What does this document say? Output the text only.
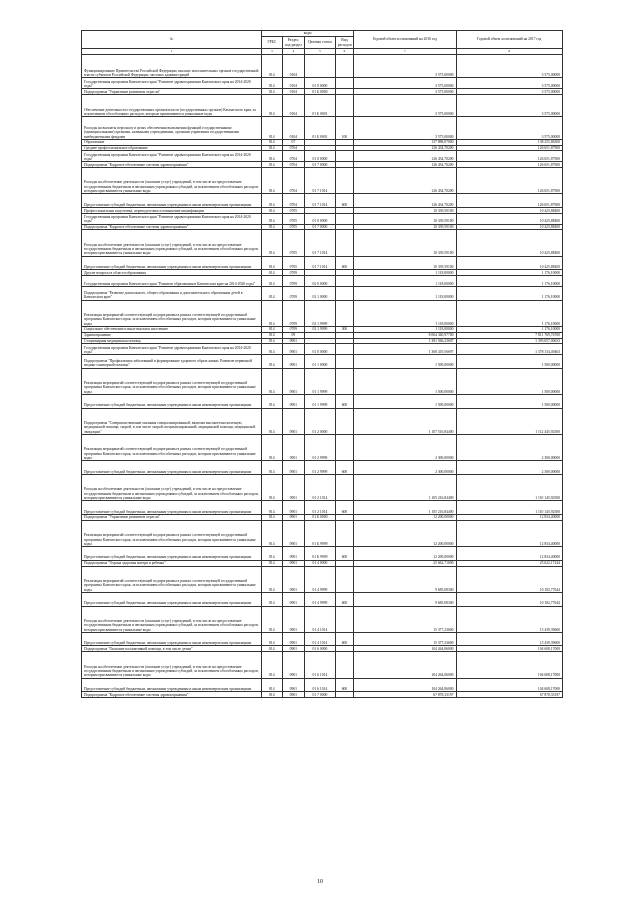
№	коды				Годовой объем ассигнований на 2016 год	Годовой объем ассигнований на 2017 год
	ГРБС	Раздел, под-раздел	Целевая статья	Вид расходов		
1	3	4	5	6	7	8
Функционирование Правительства Российской Федерации, высших исполнительных органов государственной власти субъектов Российской Федерации, местных администраций	814	0104			3 575,00000	3 575,00000
Государственная программа Камчатского края "Развитие здравоохранения Камчатского края на 2014-2020 годы"	814	0104	01 0 0000		3 575,00000	3 575,00000
Подпрограмма "Управление развитием отрасли"	814	0104	01 Б 0000		3 575,00000	3 575,00000
Обеспечение деятельности государственных органов власти (государственных органов) Камчатского края, за исключением обособленных расходов, которым присваиваются уникальные коды	814	0104	01 Б 0001		3 575,00000	3 575,00000
Расходы на выплаты персоналу в целях обеспечения выполнения функций государственными (муниципальными) органами, казенными учреждениями, органами управления государственными внебюджетными фондами	814	0104	01 Б 0001	100	3 575,00000	3 575,00000
Образование	814	07			137 888,07000	138 255,86300
Среднее профессиональное образование	814	0704			126 434,70200	126 651,87900
Государственная программа Камчатского края "Развитие здравоохранения Камчатского края на 2014-2020 годы"	814	0704	01 0 0000		126 434,70200	126 651,87900
Подпрограмма "Кадровое обеспечение системы здравоохранения"	814	0704	01 7 0000		126 434,70200	126 651,87900
Расходы на обеспечение деятельности (оказание услуг) учреждений, в том числе на предоставление государственным бюджетным и автономным учреждениям субсидий, за исключением обособленных расходов, которым присваиваются уникальные коды	814	0704	01 7 1014		126 434,70200	126 651,87900
Предоставление субсидий бюджетным, автономным учреждениям и иным некоммерческим организациям	814	0704	01 7 1014	600	126 434,70200	126 651,87900
Профессиональная подготовка, переподготовка и повышение квалификации	814	0705			10 339,59100	10 425,88400
Государственная программа Камчатского края "Развитие здравоохранения Камчатского края на 2014-2020 годы"	814	0705	01 0 0000		10 339,59100	10 425,88400
Подпрограмма "Кадровое обеспечение системы здравоохранения"	814	0705	01 7 0000		10 339,59100	10 425,88400
Расходы на обеспечение деятельности (оказание услуг) учреждений, в том числе на предоставление государственным бюджетным и автономным учреждениям субсидий, за исключением обособленных расходов, которым присваиваются уникальные коды	814	0705	01 7 1014		10 339,59100	10 425,88400
Предоставление субсидий бюджетным, автономным учреждениям и иным некоммерческим организациям	814	0705	01 7 1014	600	10 339,59100	10 425,88400
Другие вопросы в области образования	814	0709			1 118,00000	1 176,10000
Государственная программа Камчатского края "Развитие образования в Камчатском крае на 2014-2020 годы"	814	0709	02 0 0000		1 118,00000	1 176,10000
Подпрограмма "Развитие дошкольного, общего образования и дополнительного образования детей в Камчатском крае"	814	0709	02 1 0000		1 118,00000	1 176,10000
Реализация мероприятий соответствующей подпрограммы в рамках соответствующей государственной программы Камчатского края, за исключением обособленных расходов, которым присваиваются уникальные коды	814	0709	02 1 9999		1 118,00000	1 176,10000
Социальное обеспечение и иные выплаты населению	814	0709	02 1 9999	300	1 118,00000	1 176,10000
Здравоохранение	814	09			8 064 340,97700	7 811 769,76700
Стационарная медицинская помощь	814	0901			1 381 566,23607	1 393 057,00653
Государственная программа Камчатского края "Развитие здравоохранения Камчатского края на 2014-2020 годы"	814	0901	01 0 0000		1 368 419,56697	1 378 134,49463
Подпрограмма "Профилактика заболеваний и формирование здорового образа жизни. Развитие первичной медико-санитарной помощи"	814	0901	01 1 0000		1 500,00000	1 500,00000
Реализация мероприятий соответствующей подпрограммы в рамках соответствующей государственной программы Камчатского края, за исключением обособленных расходов, которым присваиваются уникальные коды	814	0901	01 1 9999		1 500,00000	1 500,00000
Предоставление субсидий бюджетным, автономным учреждениям и иным некоммерческим организациям	814	0901	01 1 9999	600	1 500,00000	1 500,00000
Подпрограмма "Совершенствование оказания специализированной, включая высокотехнологичную, медицинской помощи, скорой, в том числе скорой специализированной, медицинской помощи, медицинской эвакуации"	814	0901	01 2 0000		1 107 516,84400	1 112 445,92500
Реализация мероприятий соответствующей подпрограммы в рамках соответствующей государственной программы Камчатского края, за исключением обособленных расходов, которым присваиваются уникальные коды	814	0901	01 2 9999		2 300,00000	2 300,00000
Предоставление субсидий бюджетным, автономным учреждениям и иным некоммерческим организациям	814	0901	01 2 9999	600	2 300,00000	2 300,00000
Расходы на обеспечение деятельности (оказание услуг) учреждений, в том числе на предоставление государственным бюджетным и автономным учреждениям субсидий, за исключением обособленных расходов, которым присваиваются уникальные коды	814	0901	01 2 1014		1 105 216,84400	1 110 145,92500
Предоставление субсидий бюджетным, автономным учреждениям и иным некоммерческим организациям	814	0901	01 2 1014	600	1 105 216,84400	1 110 145,92500
Подпрограмма "Управление развитием отрасли"	814	0901	01 Б 0000		12 200,00000	12 834,40000
Реализация мероприятий соответствующей подпрограммы в рамках соответствующей государственной программы Камчатского края, за исключением обособленных расходов, которым присваиваются уникальные коды	814	0901	01 Б 9999		12 200,00000	12 834,40000
Предоставление субсидий бюджетным, автономным учреждениям и иным некоммерческим организациям	814	0901	01 Б 9999	600	12 200,00000	12 834,40000
Подпрограмма "Охрана здоровья матери и ребенка"	814	0901	01 4 0000		25 662,71690	25 622,17244
Реализация мероприятий соответствующей подпрограммы в рамках соответствующей государственной программы Камчатского края, за исключением обособленных расходов, которым присваиваются уникальные коды	814	0901	01 4 9999		9 685,08300	10 182,77644
Предоставление субсидий бюджетным, автономным учреждениям и иным некоммерческим организациям	814	0901	01 4 9999	600	9 685,08300	10 182,77644
Расходы на обеспечение деятельности (оказание услуг) учреждений, в том числе на предоставление государственным бюджетным и автономным учреждениям субсидий, за исключением обособленных расходов, которым присваиваются уникальные коды	814	0901	01 4 1014		15 377,23600	15 439,39600
Предоставление субсидий бюджетным, автономным учреждениям и иным некоммерческим организациям	814	0901	01 4 1014	600	15 377,23600	15 439,39600
Подпрограмма "Оказание паллиативной помощи, в том числе детям"	814	0901	01 6 0000		104 264,06000	104 608,17000
Расходы на обеспечение деятельности (оказание услуг) учреждений, в том числе на предоставление государственным бюджетным и автономным учреждениям субсидий, за исключением обособленных расходов, которым присваиваются уникальные коды	814	0901	01 6 1014		104 264,06000	104 608,17000
Предоставление субсидий бюджетным, автономным учреждениям и иным некоммерческим организациям	814	0901	01 6 1014	600	104 264,06000	104 608,17000
Подпрограмма "Кадровое обеспечение системы здравоохранения"	814	0901	01 7 0000		67 878,33197	67 878,33197
10
